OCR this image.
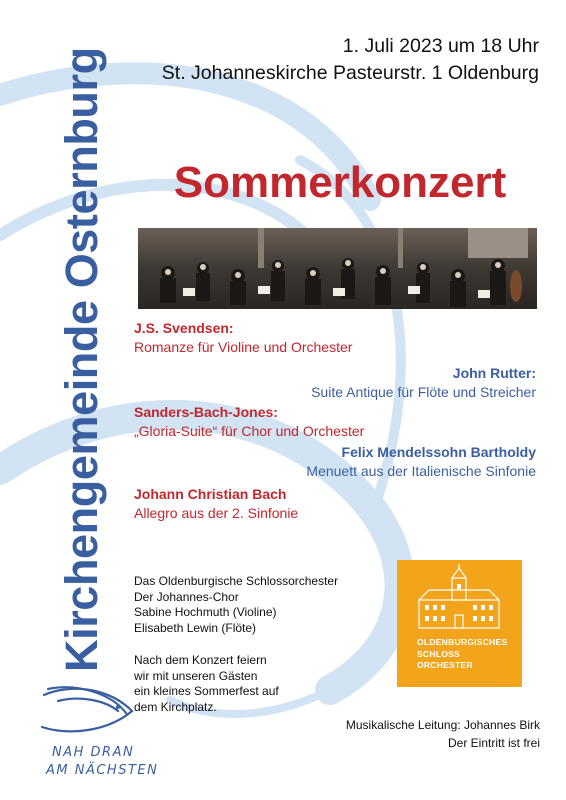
Kirchengemeinde Osternburg
1. Juli 2023 um 18 Uhr
St. Johanneskirche Pasteurstr. 1 Oldenburg
Sommerkonzert
J.S. Svendsen:
Romanze für Violine und Orchester
John Rutter:
Suite Antique für Flöte und Streicher
Sanders-Bach-Jones:
„Gloria-Suite“ für Chor und Orchester
Felix Mendelssohn Bartholdy
Menuett aus der Italienische Sinfonie
Johann Christian Bach
Allegro aus der 2. Sinfonie
Das Oldenburgische Schlossorchester
Der Johannes-Chor
Sabine Hochmuth (Violine)
Elisabeth Lewin (Flöte)
Nach dem Konzert feiern
wir mit unseren Gästen
ein kleines Sommerfest auf
dem Kirchplatz.
OLDENBURGISCHES
SCHLOSS
ORCHESTER
Musikalische Leitung: Johannes Birk
Der Eintritt ist frei
NAH DRAN
AM NÄCHSTEN
